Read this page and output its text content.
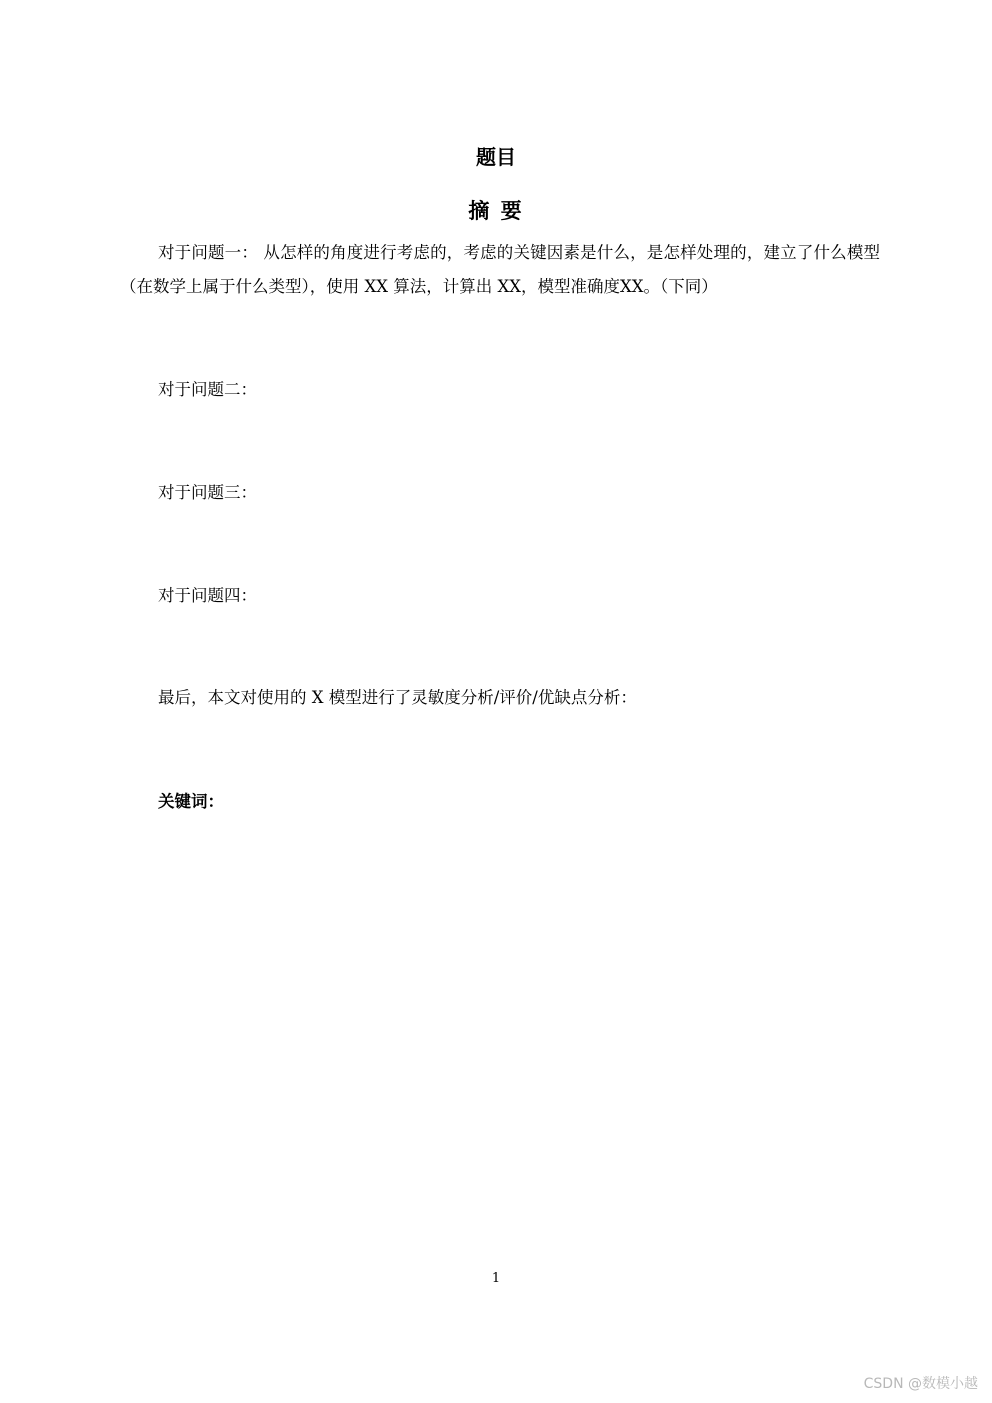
题目
摘 要
对于问题一： 从怎样的角度进行考虑的，考虑的关键因素是什么，是怎样处理的，建立了什么模型（在数学上属于什么类型），使用 XX 算法，计算出 XX，模型准确度XX。（下同）
对于问题二：
对于问题三：
对于问题四：
最后，本文对使用的 X 模型进行了灵敏度分析/评价/优缺点分析：
关键词：
1
CSDN @数模小越
